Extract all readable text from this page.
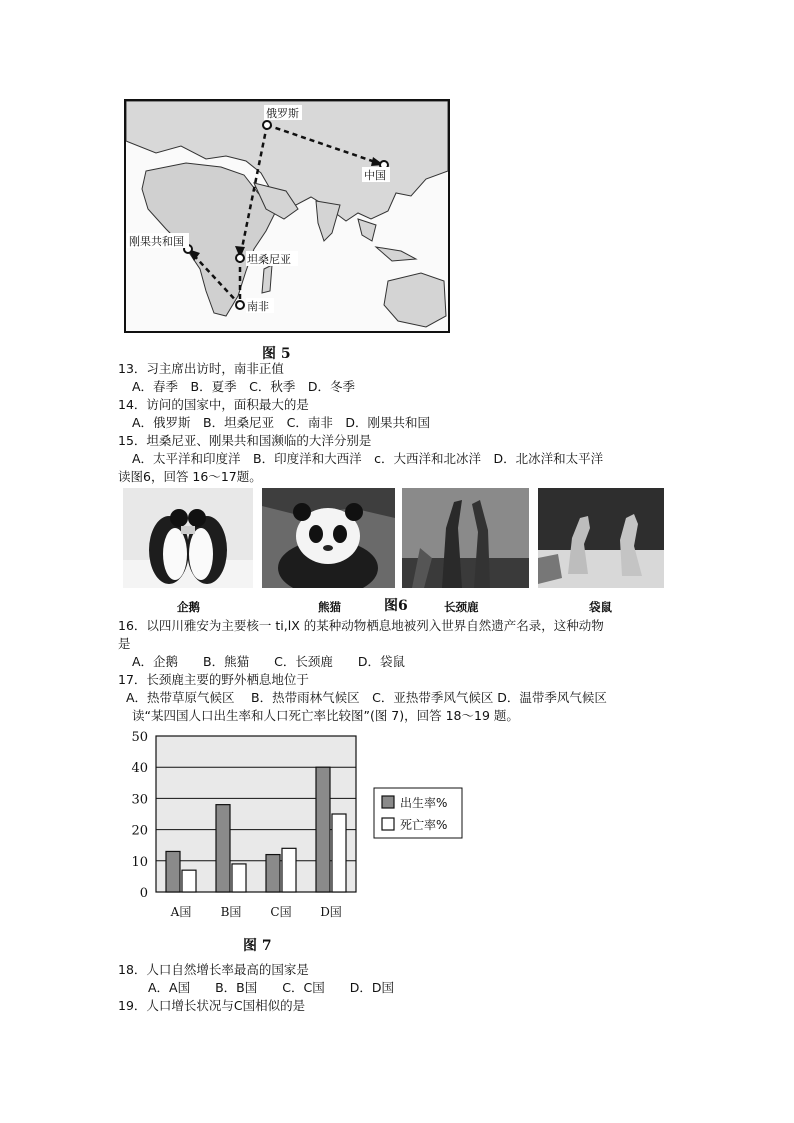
俄罗斯
中国
刚果共和国
坦桑尼亚
南非
图 5
13．习主席出访时，南非正值
A．春季　B．夏季　C．秋季　D．冬季
14．访问的国家中，面积最大的是
A．俄罗斯　B．坦桑尼亚　C．南非　D．刚果共和国
15．坦桑尼亚、刚果共和国濒临的大洋分别是
A．太平洋和印度洋　B．印度洋和大西洋　c．大西洋和北冰洋　D．北冰洋和太平洋
读图6，回答 16～17题。
企鹅	熊猫	图6	长颈鹿	袋鼠
16．以四川雅安为主要核一 ti,lX 的某种动物栖息地被列入世界自然遗产名录，这种动物
是
A．企鹅　　B．熊猫　　C．长颈鹿　　D．袋鼠
17．长颈鹿主要的野外栖息地位于
A．热带草原气候区　 B．热带雨林气候区　C．亚热带季风气候区 D．温带季风气候区
读“某四国人口出生率和人口死亡率比较图”(图 7)，回答 18～19 题。
0
10
20
30
40
50
A国 B国 C国 D国
出生率%
死亡率%
图 7
18．人口自然增长率最高的国家是
A．A国　　B．B国　　C．C国　　D．D国
19．人口增长状况与C国相似的是
